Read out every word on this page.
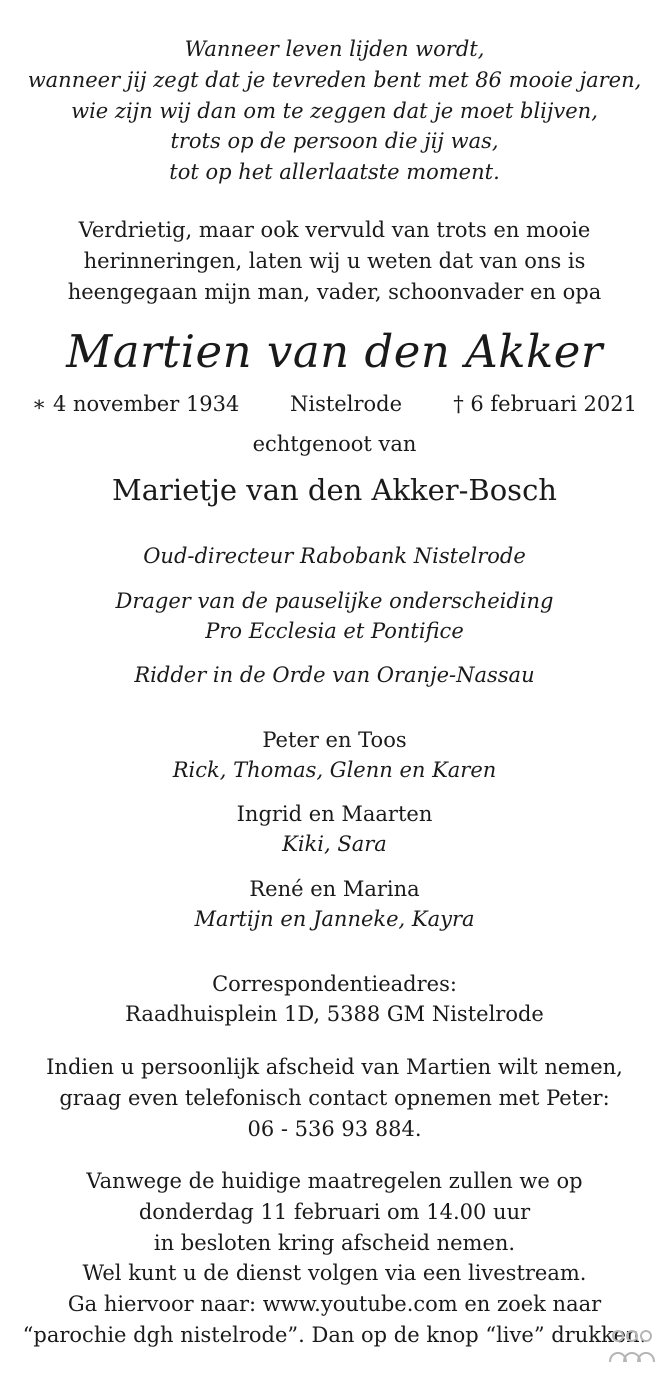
Wanneer leven lijden wordt,

wanneer jij zegt dat je tevreden bent met 86 mooie jaren,

wie zijn wij dan om te zeggen dat je moet blijven,

trots op de persoon die jij was,

tot op het allerlaatste moment.

Verdrietig, maar ook vervuld van trots en mooie

herinneringen, laten wij u weten dat van ons is

heengegaan mijn man, vader, schoonvader en opa

Martien van den Akker

∗ 4 november 1934 Nistelrode † 6 februari 2021

echtgenoot van

Marietje van den Akker-Bosch

Oud-directeur Rabobank Nistelrode

Drager van de pauselijke onderscheiding

Pro Ecclesia et Pontifice

Ridder in de Orde van Oranje-Nassau

Peter en Toos

Rick, Thomas, Glenn en Karen

Ingrid en Maarten

Kiki, Sara

René en Marina

Martijn en Janneke, Kayra

Correspondentieadres:

Raadhuisplein 1D, 5388 GM Nistelrode

Indien u persoonlijk afscheid van Martien wilt nemen,

graag even telefonisch contact opnemen met Peter:

06 - 536 93 884.

Vanwege de huidige maatregelen zullen we op

donderdag 11 februari om 14.00 uur

in besloten kring afscheid nemen.

Wel kunt u de dienst volgen via een livestream.

Ga hiervoor naar: www.youtube.com en zoek naar

“parochie dgh nistelrode”. Dan op de knop “live” drukken.
